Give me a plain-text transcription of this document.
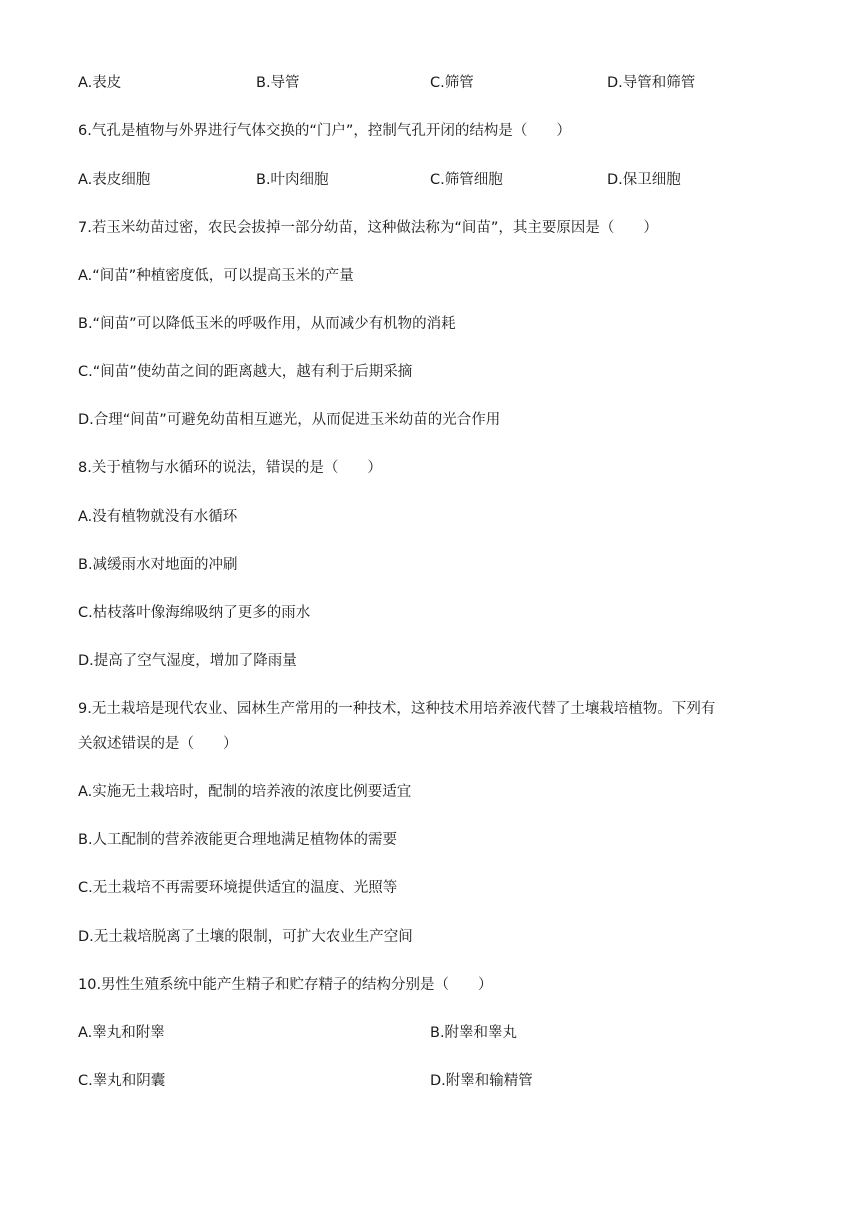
A.表皮	B.导管	C.筛管	D.导管和筛管
6.气孔是植物与外界进行气体交换的“门户”，控制气孔开闭的结构是（　　）
A.表皮细胞	B.叶肉细胞	C.筛管细胞	D.保卫细胞
7.若玉米幼苗过密，农民会拔掉一部分幼苗，这种做法称为“间苗”，其主要原因是（　　）
A.“间苗”种植密度低，可以提高玉米的产量
B.“间苗”可以降低玉米的呼吸作用，从而减少有机物的消耗
C.“间苗”使幼苗之间的距离越大，越有利于后期采摘
D.合理“间苗”可避免幼苗相互遮光，从而促进玉米幼苗的光合作用
8.关于植物与水循环的说法，错误的是（　　）
A.没有植物就没有水循环
B.减缓雨水对地面的冲刷
C.枯枝落叶像海绵吸纳了更多的雨水
D.提高了空气湿度，增加了降雨量
9.无土栽培是现代农业、园林生产常用的一种技术，这种技术用培养液代替了土壤栽培植物。下列有
关叙述错误的是（　　）
A.实施无土栽培时，配制的培养液的浓度比例要适宜
B.人工配制的营养液能更合理地满足植物体的需要
C.无土栽培不再需要环境提供适宜的温度、光照等
D.无土栽培脱离了土壤的限制，可扩大农业生产空间
10.男性生殖系统中能产生精子和贮存精子的结构分别是（　　）
A.睾丸和附睾	B.附睾和睾丸
C.睾丸和阴囊	D.附睾和输精管
